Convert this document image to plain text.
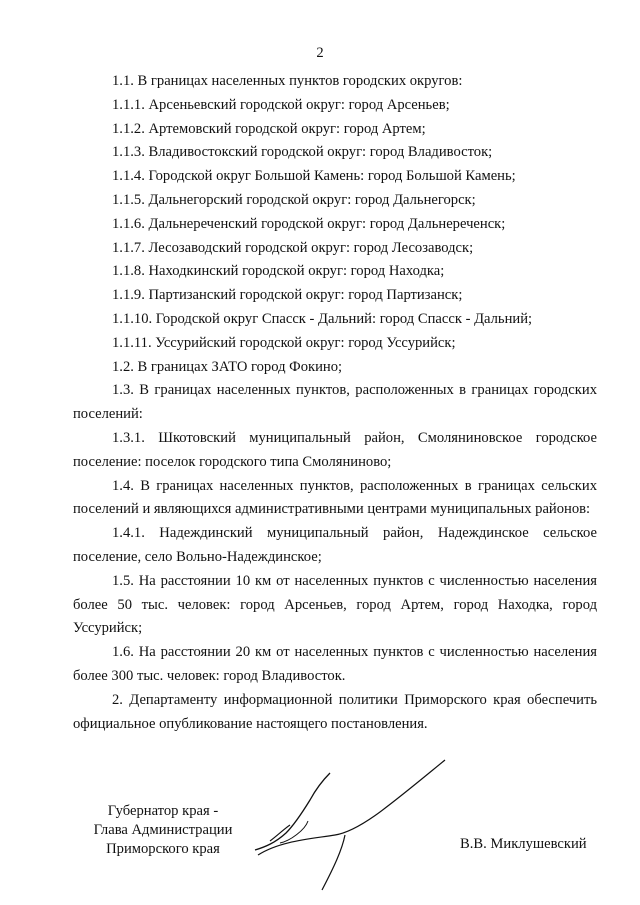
2

1.1. В границах населенных пунктов городских округов:

1.1.1. Арсеньевский городской округ: город Арсеньев;

1.1.2. Артемовский городской округ: город Артем;

1.1.3. Владивостокский городской округ: город Владивосток;

1.1.4. Городской округ Большой Камень: город Большой Камень;

1.1.5. Дальнегорский городской округ: город Дальнегорск;

1.1.6. Дальнереченский городской округ: город Дальнереченск;

1.1.7. Лесозаводский городской округ: город Лесозаводск;

1.1.8. Находкинский городской округ: город Находка;

1.1.9. Партизанский городской округ: город Партизанск;

1.1.10. Городской округ Спасск - Дальний: город Спасск - Дальний;

1.1.11. Уссурийский городской округ: город Уссурийск;

1.2. В границах ЗАТО город Фокино;

1.3. В границах населенных пунктов, расположенных в границах городских поселений:

1.3.1. Шкотовский муниципальный район, Смоляниновское городское поселение: поселок городского типа Смоляниново;

1.4. В границах населенных пунктов, расположенных в границах сельских поселений и являющихся административными центрами муниципальных районов:

1.4.1. Надеждинский муниципальный район, Надеждинское сельское поселение, село Вольно-Надеждинское;

1.5. На расстоянии 10 км от населенных пунктов с численностью населения более 50 тыс. человек: город Арсеньев, город Артем, город Находка, город Уссурийск;

1.6. На расстоянии 20 км от населенных пунктов с численностью населения более 300 тыс. человек: город Владивосток.

2. Департаменту информационной политики Приморского края обеспечить официальное опубликование настоящего постановления.

Губернатор края -
Глава Администрации
Приморского края	В.В. Миклушевский
